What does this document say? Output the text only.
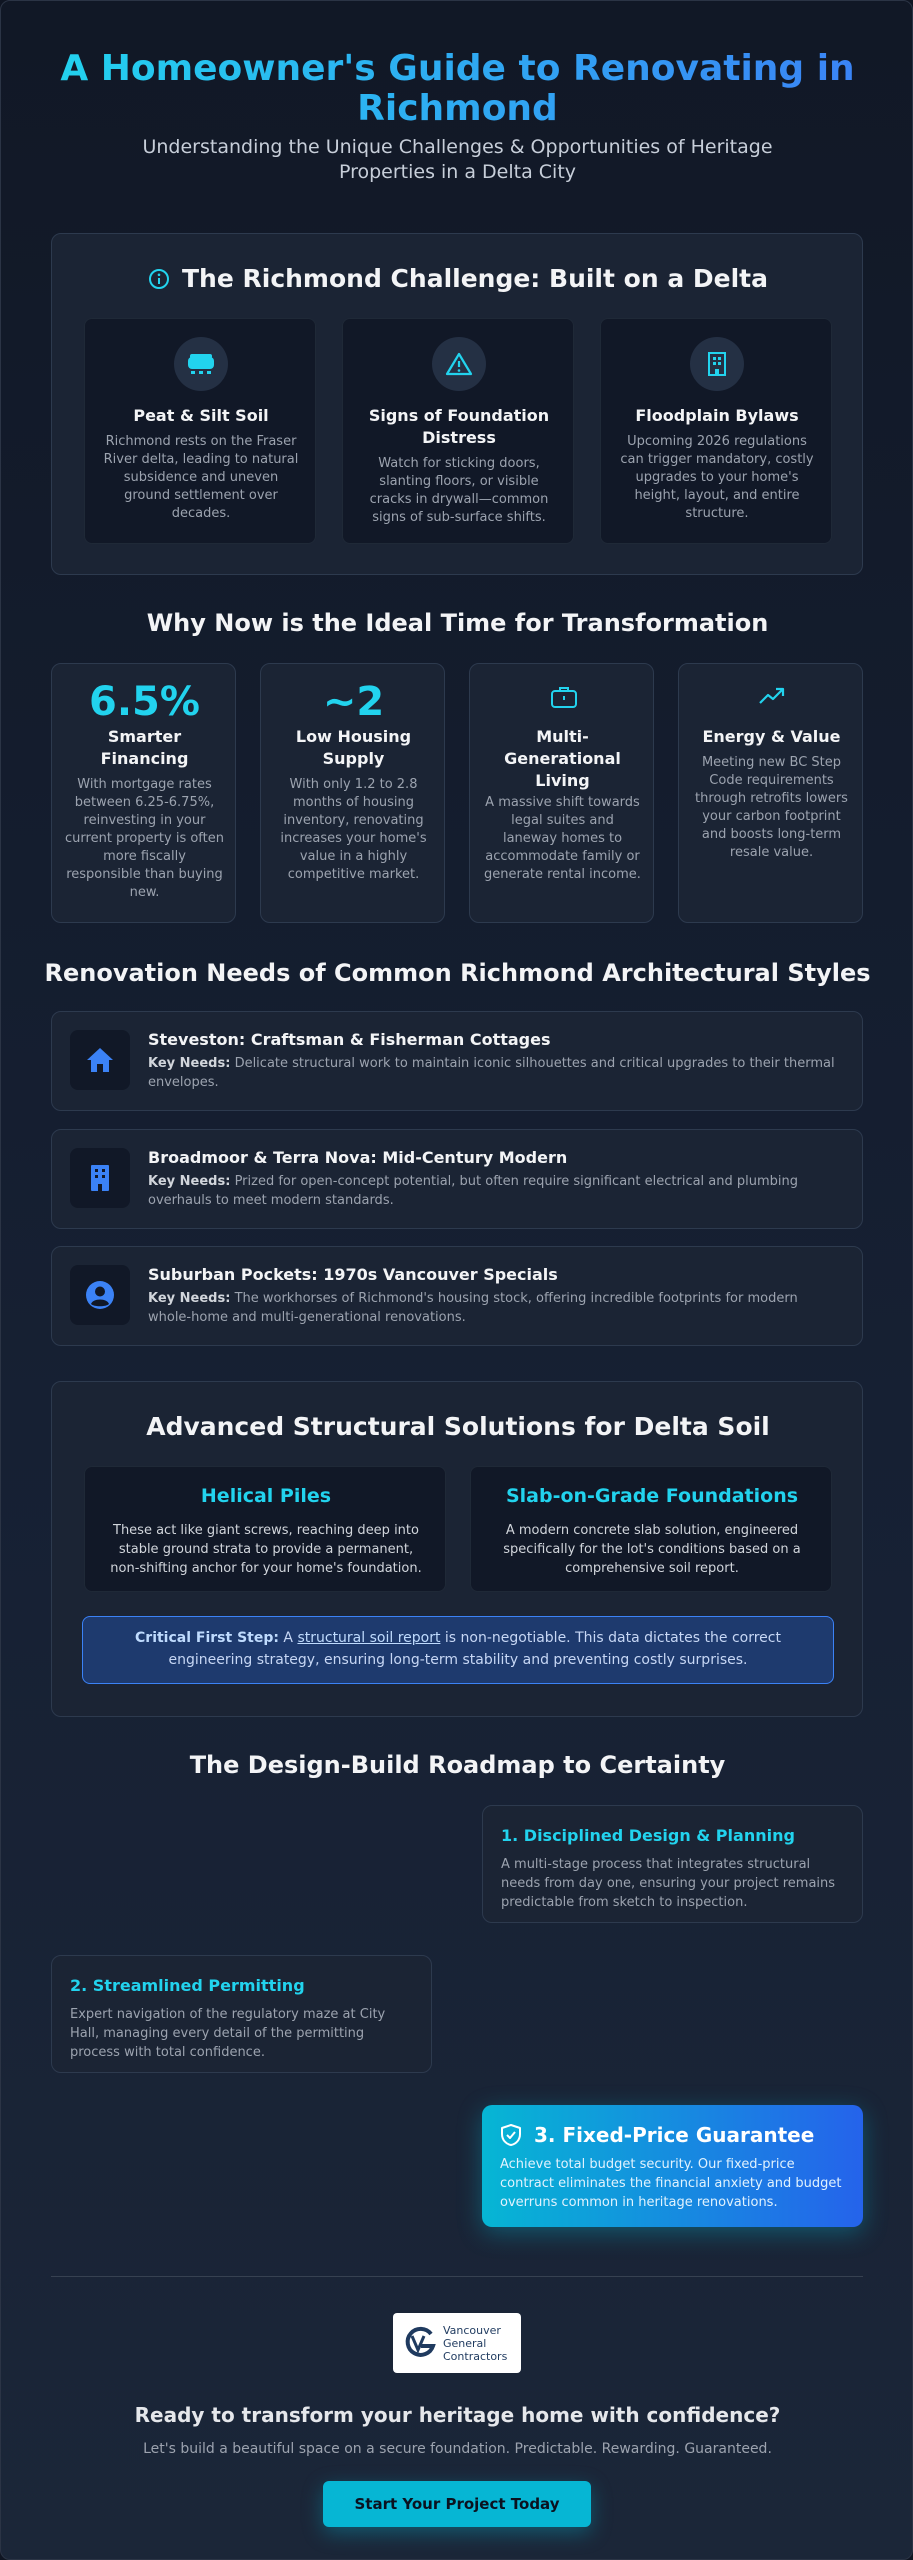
A Homeowner's Guide to Renovating in Richmond
Understanding the Unique Challenges & Opportunities of Heritage Properties in a Delta City
The Richmond Challenge: Built on a Delta
Peat & Silt Soil
Richmond rests on the Fraser River delta, leading to natural subsidence and uneven ground settlement over decades.
Signs of Foundation Distress
Watch for sticking doors, slanting floors, or visible cracks in drywall—common signs of sub-surface shifts.
Floodplain Bylaws
Upcoming 2026 regulations can trigger mandatory, costly upgrades to your home's height, layout, and entire structure.
Why Now is the Ideal Time for Transformation
6.5%
Smarter Financing
With mortgage rates between 6.25-6.75%, reinvesting in your current property is often more fiscally responsible than buying new.
~2
Low Housing Supply
With only 1.2 to 2.8 months of housing inventory, renovating increases your home's value in a highly competitive market.
Multi-Generational Living
A massive shift towards legal suites and laneway homes to accommodate family or generate rental income.
Energy & Value
Meeting new BC Step Code requirements through retrofits lowers your carbon footprint and boosts long-term resale value.
Renovation Needs of Common Richmond Architectural Styles
Steveston: Craftsman & Fisherman Cottages
Key Needs: Delicate structural work to maintain iconic silhouettes and critical upgrades to their thermal envelopes.
Broadmoor & Terra Nova: Mid-Century Modern
Key Needs: Prized for open-concept potential, but often require significant electrical and plumbing overhauls to meet modern standards.
Suburban Pockets: 1970s Vancouver Specials
Key Needs: The workhorses of Richmond's housing stock, offering incredible footprints for modern whole-home and multi-generational renovations.
Advanced Structural Solutions for Delta Soil
Helical Piles
These act like giant screws, reaching deep into stable ground strata to provide a permanent, non-shifting anchor for your home's foundation.
Slab-on-Grade Foundations
A modern concrete slab solution, engineered specifically for the lot's conditions based on a comprehensive soil report.
Critical First Step: A structural soil report is non-negotiable. This data dictates the correct engineering strategy, ensuring long-term stability and preventing costly surprises.
The Design-Build Roadmap to Certainty
1. Disciplined Design & Planning
A multi-stage process that integrates structural needs from day one, ensuring your project remains predictable from sketch to inspection.
2. Streamlined Permitting
Expert navigation of the regulatory maze at City Hall, managing every detail of the permitting process with total confidence.
3. Fixed-Price Guarantee
Achieve total budget security. Our fixed-price contract eliminates the financial anxiety and budget overruns common in heritage renovations.
Vancouver
General
Contractors
Ready to transform your heritage home with confidence?
Let's build a beautiful space on a secure foundation. Predictable. Rewarding. Guaranteed.
Start Your Project Today
